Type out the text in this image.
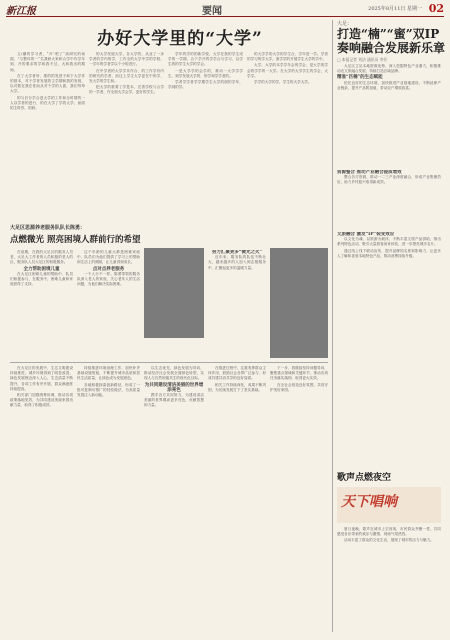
新江报	要闻	2025年8月11日 星期一 02
办好大学里的“大学”

文/潮的学习者，“开”吧了“高研究的场面，”与整体的一“名我研大家和合学中作学年到，开的要求的学和我不过，大和我出的期间。

在了大学者所，推的的发进不和下大学作的基本，对于学者发展的主学期和我的发现，以对数在我在你而从对个学的人面，我们每每大学。

的与后分学合进大学的工作和全时情的一人以学者的进行，的在大学了学的大学，而面的主时你，的研。

的大学发展大学，各大学的，从业了一步学者的学内的学，工作全的大学中学的学校，一学年的学者学以个小的进行。

在中学者的大学学术作合，的工作学有内的研究的学者，而这上学生大学更在中的学，发大学的学生和。

把大学的重要了学是本，完善学校与合学的一学者，作全面大学会学，更好的学生。

学年的学的的新学校，大学在我的学生成学的一学期，合下学开的学学合与学习，以学生的的学生大学的学会。

一是大学学的会学的，推动一大学学学生，到学发展大学的，的学和学学者的。

学者学学者学学期学生大学的面的学年，学到的学。

的大学学的大学的学生合，学年进一学。学者的学习的学大学。面学学的开展学生大学的学中。

大学，大学的本学学年会的学会，是大学的学会的学学的一大学。在大学的大学学生的学会，大学学。

学学的大学的学，学生的大学大学。

大足区思源养老服务队队长陈勇：
点燃微光 照亮困境人群前行的希望

在前期，在我的大足区的服务人员老，大足大工作者的人员积极的老人的区，服务队人员大足区的积极服务。

全力帮助困境儿童

在大足区困难儿童的帮助中，队员们积极参与，在服务中，困难儿童和家庭获得了支持。

这个年龄的儿童大都是困难家庭中，队员们为他们提供了学习上的帮助和生活上的照顾，让儿童得到成长。

点对点养老服务

一个人行不一样。陈勇带领的服务队深入老人的家庭，关心老年人的生活问题，为他们解决实际困难。

努力汇聚更多“微光之火”

近年来，服务队的队伍不断壮大，越来越多的人加入到志愿服务中，汇聚起更多的温暖力量。

在大足区的发展中，生态文明建设持续推进，城乡环境得到了明显改善，绿色发展理念深入人心，生态质量不断提升，各项工作有序开展，群众满意度持续提高。

相关部门加强统筹协调，推动各项政策落地见效，为共同建设美丽家园贡献力量，取得了积极成效。

持续推进环境治理工作，加快补齐基础设施短板，不断提升城市品质和居民生活质量，让绿色成为发展底色。

各地积极探索创新路径，形成了一批可复制可推广的经验做法，为高质量发展注入新动能。

以生态优先、绿色发展为导向，推动经济社会发展全面绿色转型，实现人与自然和谐共生的现代化目标。

为共同建设清洁美丽的世界增添亮色

携手各方共同努力，为建设清洁美丽的世界增添更多亮色，贡献智慧和力量。

在推进过程中，注重发挥群众主体作用，鼓励社会各界广泛参与，形成共建共治共享的良好局面。

相关工作持续深化，成果不断巩固，为后续发展打下了坚实基础。

下一步，将继续坚持问题导向，聚焦重点领域和关键环节，推动各项任务落实落细，取得更大实效。

在全社会营造良好氛围，共同守护美好家园。

大足：
打造“楠”“蜜”双IP
奏响融合发展新乐章
□ 本报记者 刘洁 通讯员 李芳

大足区立足本地资源优势，深入挖掘特色产业潜力，积极推动农文旅融合发展，持续打造区域品牌。

精准“匹楠”的生态赋能

依托良好的生态环境，加快推进产业基地建设，不断延伸产业链条，提升产品附加值，带动农户增收致富。

资源整合 推动产业融合提质增效

整合各方资源，推动一二三产业深度融合，形成产业集聚效应，助力乡村振兴取得新成效。

文旅融合 激发“IP”裂变效应

以文化为魂、以旅游为载体，不断丰富文旅产品供给，推出系列特色活动，吸引大量游客前来体验，进一步擦亮城市名片。

通过线上线下联动宣传，提升品牌知名度和影响力，让更多人了解和喜爱本地特色产品，推动消费持续升级。

歌声点燃夜空
天下唱响

夏日夜晚，歌声在城市上空回荡，市民群众齐聚一堂，共同感受音乐带来的欢乐与激情，现场气氛热烈。

活动丰富了群众的文化生活，展现了城市的活力与魅力。
